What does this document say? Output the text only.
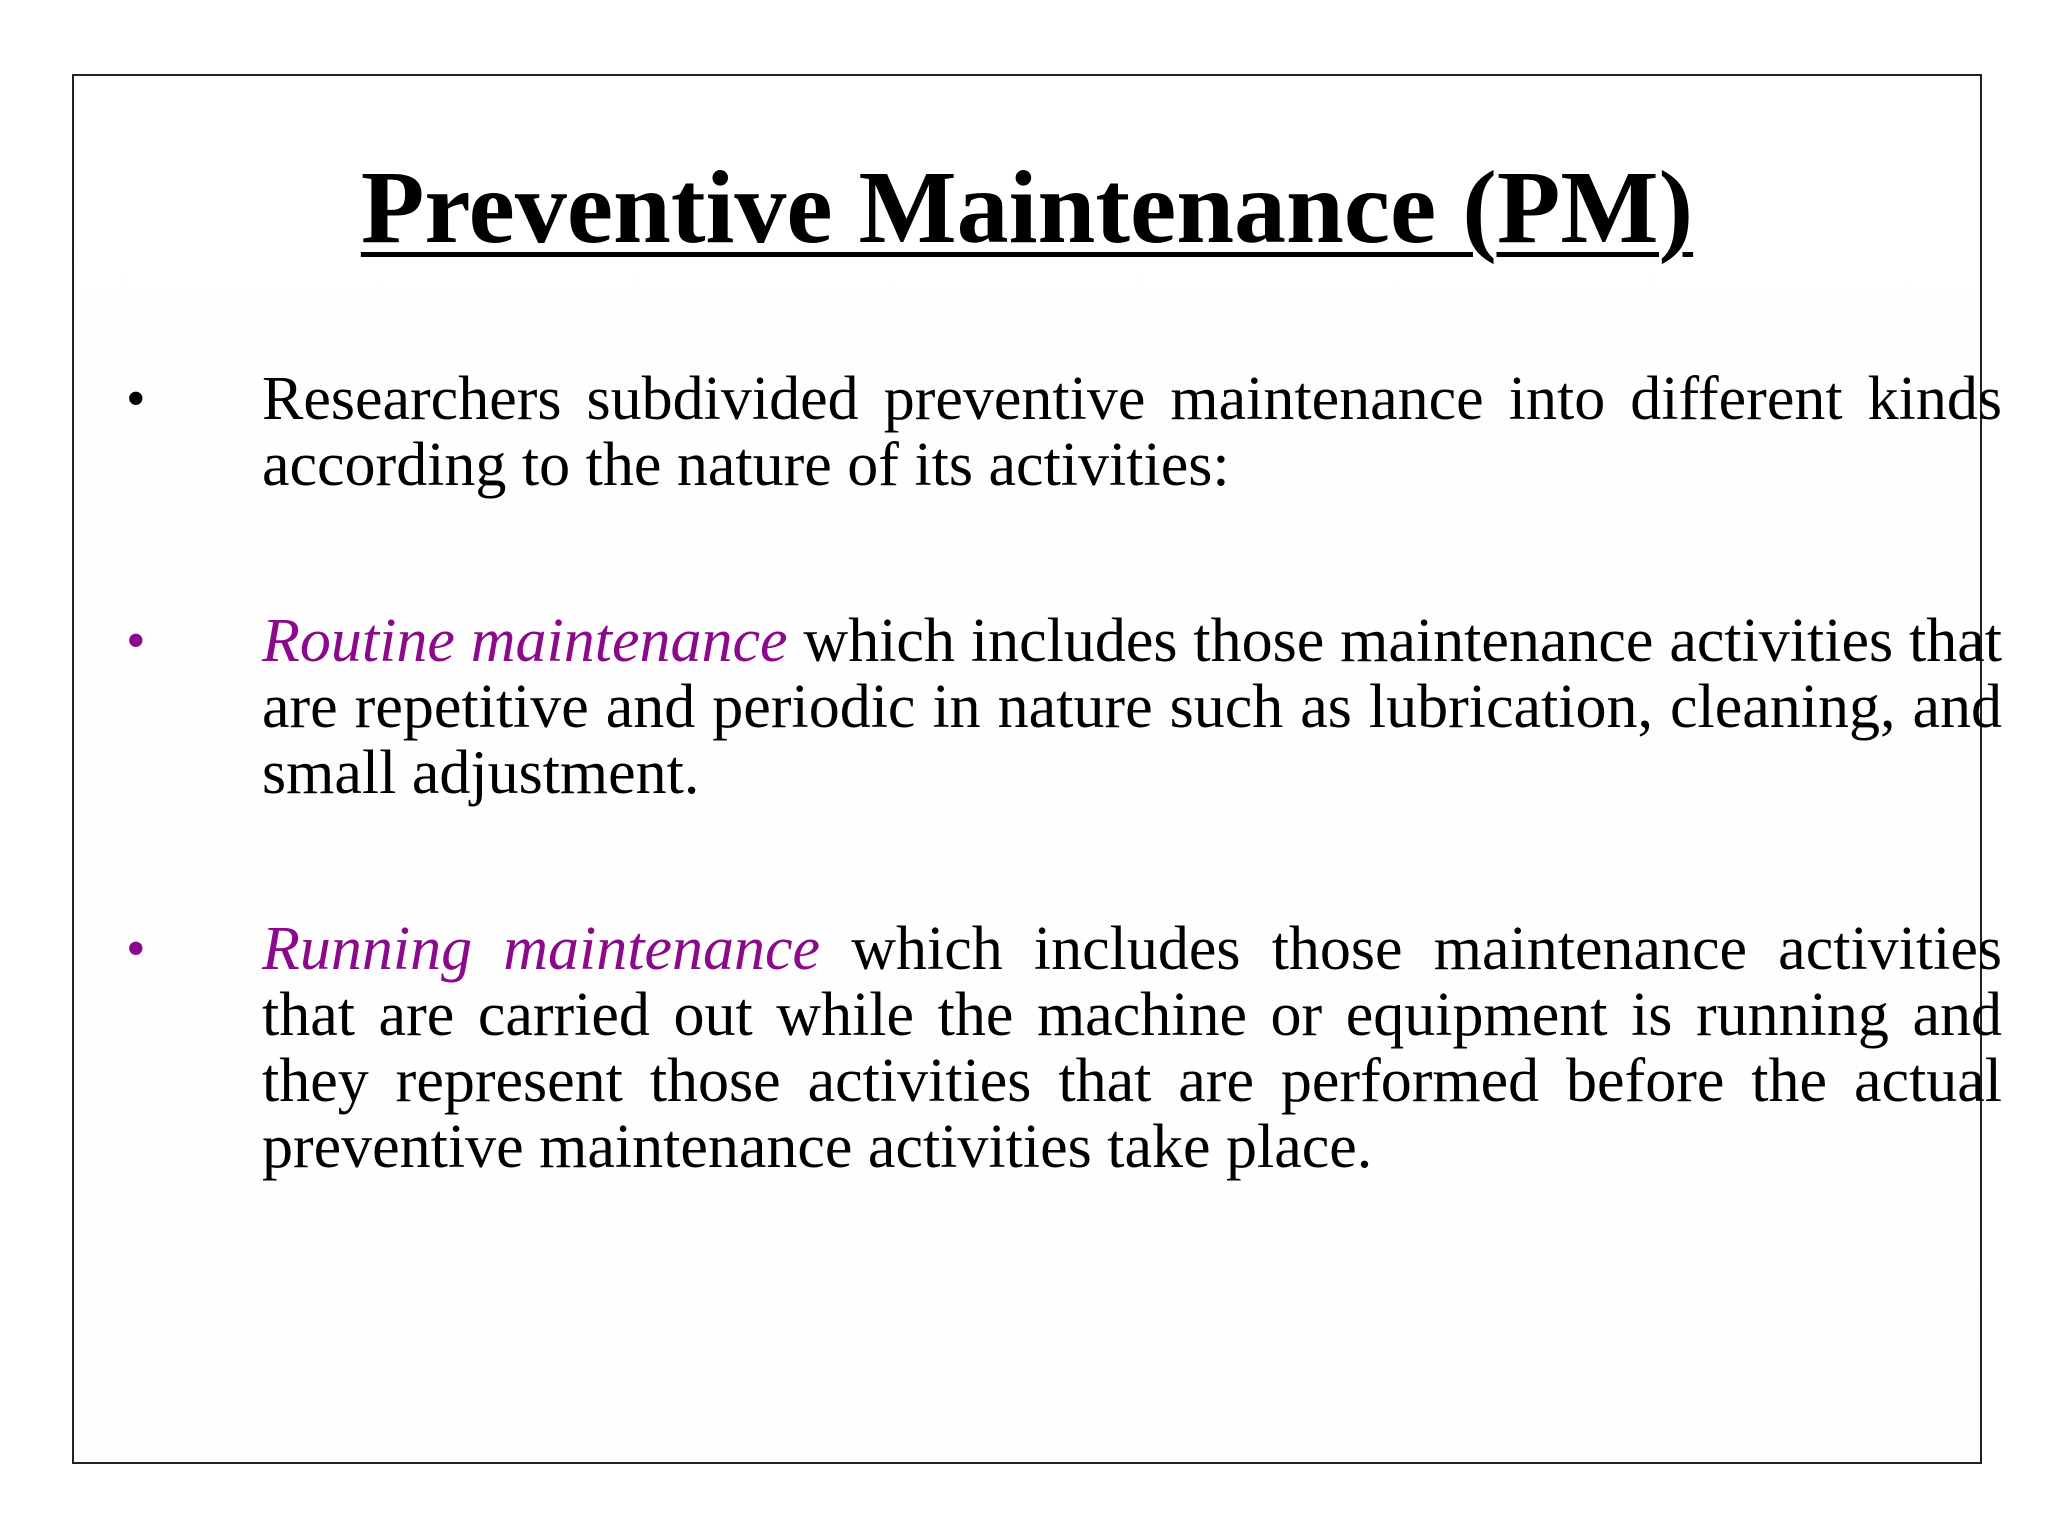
Preventive Maintenance (PM)
• Researchers subdivided preventive maintenance into different kinds according to the nature of its activities:

• Routine maintenance which includes those maintenance activities that are repetitive and periodic in nature such as lubrication, cleaning, and small adjustment.

• Running maintenance which includes those maintenance activities that are carried out while the machine or equipment is running and they represent those activities that are performed before the actual preventive maintenance activities take place.
